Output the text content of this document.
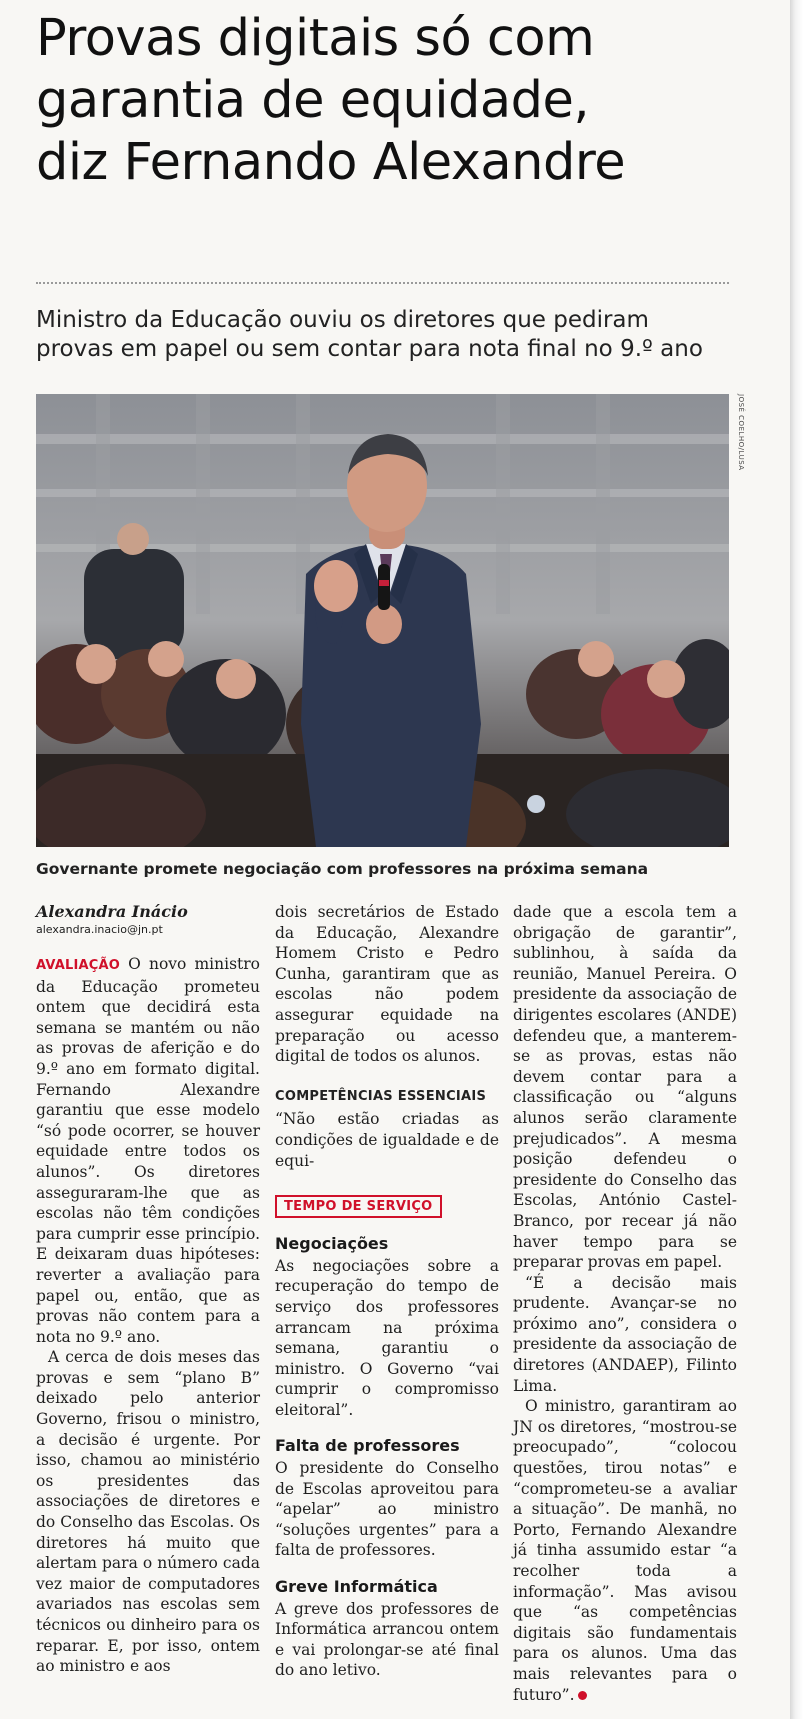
Provas digitais só com
garantia de equidade,
diz Fernando Alexandre
Ministro da Educação ouviu os diretores que pediram
provas em papel ou sem contar para nota final no 9.º ano
JOSÉ COELHO/LUSA
Governante promete negociação com professores na próxima semana

Alexandra Inácio

alexandra.inacio@jn.pt

AVALIAÇÃO O novo ministro da Educação prometeu ontem que decidirá esta semana se mantém ou não as provas de aferição e do 9.º ano em formato digital. Fernando Alexandre garantiu que esse modelo “só pode ocorrer, se houver equidade entre todos os alunos”. Os diretores asseguraram-lhe que as escolas não têm condições para cumprir esse princípio. E deixaram duas hipóteses: reverter a avaliação para papel ou, então, que as provas não contem para a nota no 9.º ano.

A cerca de dois meses das provas e sem “plano B” deixado pelo anterior Governo, frisou o ministro, a decisão é urgente. Por isso, chamou ao ministério os presidentes das associações de diretores e do Conselho das Escolas. Os diretores há muito que alertam para o número cada vez maior de computadores avariados nas escolas sem técnicos ou dinheiro para os reparar. E, por isso, ontem ao ministro e aos

dois secretários de Estado da Educação, Alexandre Homem Cristo e Pedro Cunha, garantiram que as escolas não podem assegurar equidade na preparação ou acesso digital de todos os alunos.

COMPETÊNCIAS ESSENCIAIS

“Não estão criadas as condições de igualdade e de equi-

TEMPO DE SERVIÇO

Negociações

As negociações sobre a recuperação do tempo de serviço dos professores arrancam na próxima semana, garantiu o ministro. O Governo “vai cumprir o compromisso eleitoral”.

Falta de professores

O presidente do Conselho de Escolas aproveitou para “apelar” ao ministro “soluções urgentes” para a falta de professores.

Greve Informática

A greve dos professores de Informática arrancou ontem e vai prolongar-se até final do ano letivo.

dade que a escola tem a obrigação de garantir”, sublinhou, à saída da reunião, Manuel Pereira. O presidente da associação de dirigentes escolares (ANDE) defendeu que, a manterem-se as provas, estas não devem contar para a classificação ou “alguns alunos serão claramente prejudicados”. A mesma posição defendeu o presidente do Conselho das Escolas, António Castel-Branco, por recear já não haver tempo para se preparar provas em papel.

“É a decisão mais prudente. Avançar-se no próximo ano”, considera o presidente da associação de diretores (ANDAEP), Filinto Lima.

O ministro, garantiram ao JN os diretores, “mostrou-se preocupado”, “colocou questões, tirou notas” e “comprometeu-se a avaliar a situação”. De manhã, no Porto, Fernando Alexandre já tinha assumido estar “a recolher toda a informação”. Mas avisou que “as competências digitais são fundamentais para os alunos. Uma das mais relevantes para o futuro”.
